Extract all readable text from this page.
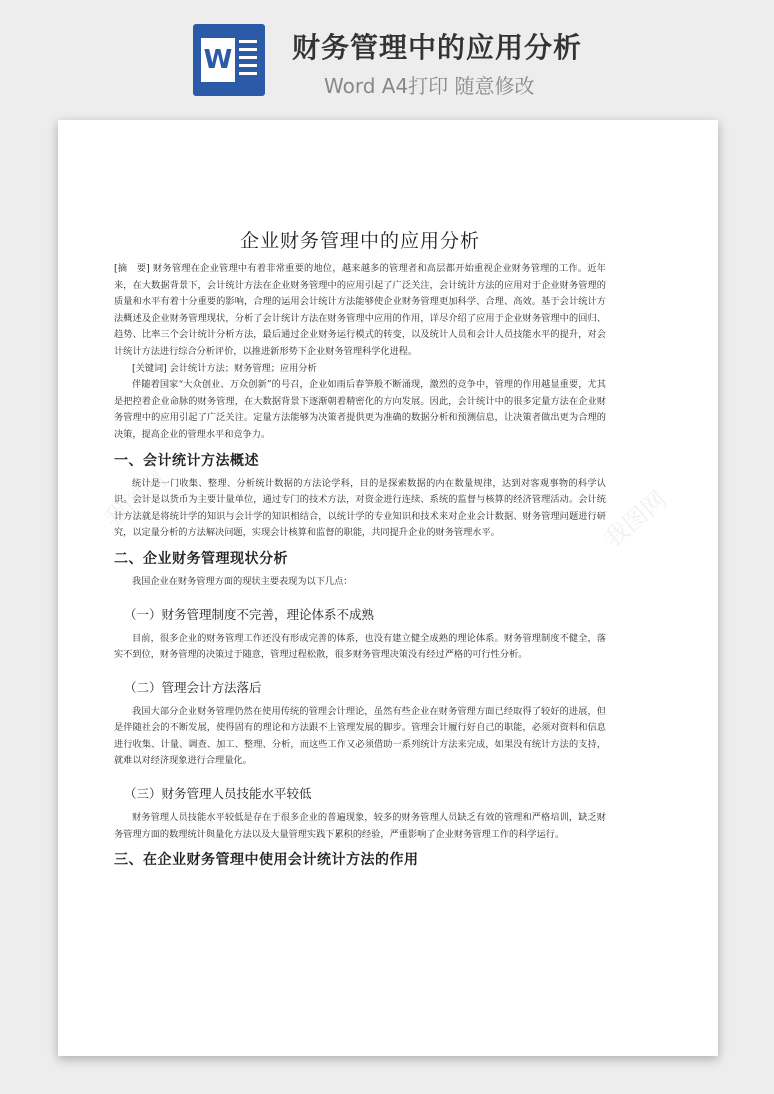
W 财务管理中的应用分析
Word A4打印 随意修改
我图网	我图网
企业财务管理中的应用分析

[摘　要] 财务管理在企业管理中有着非常重要的地位，越来越多的管理者和高层都开始重视企业财务管理的工作。近年来，在大数据背景下，会计统计方法在企业财务管理中的应用引起了广泛关注，会计统计方法的应用对于企业财务管理的质量和水平有着十分重要的影响，合理的运用会计统计方法能够使企业财务管理更加科学、合理、高效。基于会计统计方法概述及企业财务管理现状，分析了会计统计方法在财务管理中应用的作用，详尽介绍了应用于企业财务管理中的回归、趋势、比率三个会计统计分析方法，最后通过企业财务运行模式的转变，以及统计人员和会计人员技能水平的提升，对会计统计方法进行综合分析评价，以推进新形势下企业财务管理科学化进程。

[关键词] 会计统计方法；财务管理；应用分析

伴随着国家“大众创业、万众创新”的号召，企业如雨后春笋般不断涌现，激烈的竞争中，管理的作用越显重要，尤其是把控着企业命脉的财务管理，在大数据背景下逐渐朝着精密化的方向发展。因此，会计统计中的很多定量方法在企业财务管理中的应用引起了广泛关注。定量方法能够为决策者提供更为准确的数据分析和预测信息，让决策者做出更为合理的决策，提高企业的管理水平和竞争力。

一、会计统计方法概述

统计是一门收集、整理、分析统计数据的方法论学科，目的是探索数据的内在数量规律，达到对客观事物的科学认识。会计是以货币为主要计量单位，通过专门的技术方法，对资金进行连续、系统的监督与核算的经济管理活动。会计统计方法就是将统计学的知识与会计学的知识相结合，以统计学的专业知识和技术来对企业会计数据、财务管理问题进行研究，以定量分析的方法解决问题，实现会计核算和监督的职能，共同提升企业的财务管理水平。

二、企业财务管理现状分析

我国企业在财务管理方面的现状主要表现为以下几点：

（一）财务管理制度不完善，理论体系不成熟

目前，很多企业的财务管理工作还没有形成完善的体系，也没有建立健全成熟的理论体系。财务管理制度不健全，落实不到位，财务管理的决策过于随意，管理过程松散，很多财务管理决策没有经过严格的可行性分析。

（二）管理会计方法落后

我国大部分企业财务管理仍然在使用传统的管理会计理论，虽然有些企业在财务管理方面已经取得了较好的进展，但是伴随社会的不断发展，使得固有的理论和方法跟不上管理发展的脚步。管理会计履行好自己的职能，必须对资料和信息进行收集、计量、调查、加工、整理、分析，而这些工作又必须借助一系列统计方法来完成，如果没有统计方法的支持，就难以对经济现象进行合理量化。

（三）财务管理人员技能水平较低

财务管理人员技能水平较低是存在于很多企业的普遍现象，较多的财务管理人员缺乏有效的管理和严格培训，缺乏财务管理方面的数理统计與量化方法以及大量管理实践下累积的经验，严重影响了企业财务管理工作的科学运行。

三、在企业财务管理中使用会计统计方法的作用
